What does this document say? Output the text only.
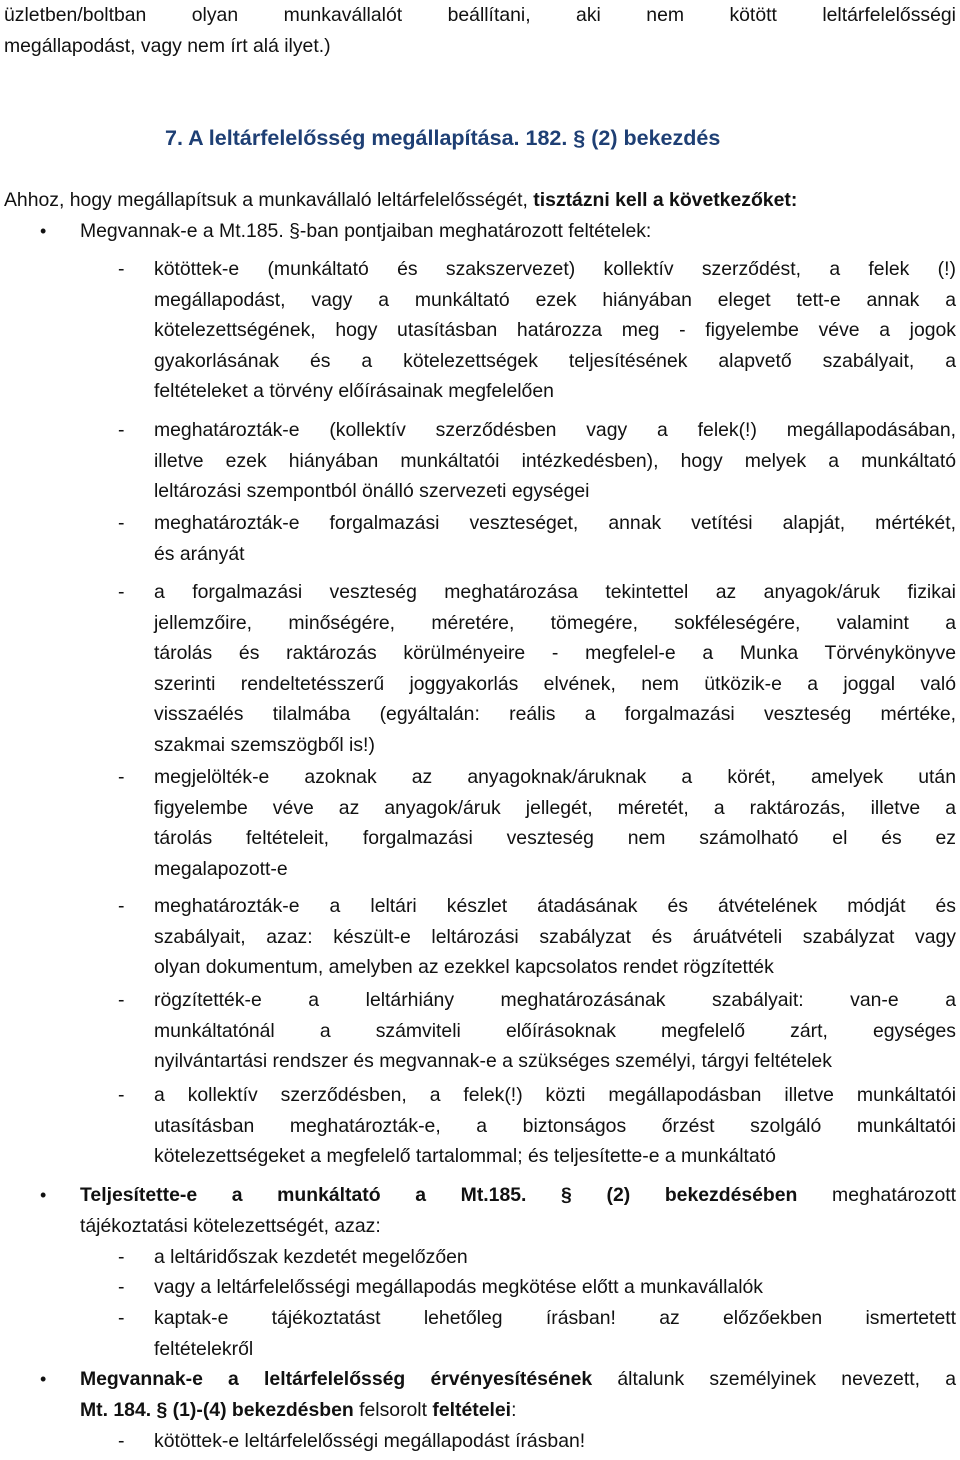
üzletben/boltban olyan munkavállalót beállítani, aki nem kötött leltárfelelősségi

megállapodást, vagy nem írt alá ilyet.)

7. A leltárfelelősség megállapítása. 182. § (2) bekezdés

Ahhoz, hogy megállapítsuk a munkavállaló leltárfelelősségét, tisztázni kell a következőket:

•	Megvannak-e a Mt.185. §-ban pontjaiban meghatározott feltételek:

-	kötöttek-e (munkáltató és szakszervezet) kollektív szerződést, a felek (!)

megállapodást, vagy a munkáltató ezek hiányában eleget tett-e annak a

kötelezettségének, hogy utasításban határozza meg - figyelembe véve a jogok

gyakorlásának és a kötelezettségek teljesítésének alapvető szabályait, a

feltételeket a törvény előírásainak megfelelően

-	meghatározták-e (kollektív szerződésben vagy a felek(!) megállapodásában,

illetve ezek hiányában munkáltatói intézkedésben), hogy melyek a munkáltató

leltározási szempontból önálló szervezeti egységei

-	meghatározták-e forgalmazási veszteséget, annak vetítési alapját, mértékét,

és arányát

-	a forgalmazási veszteség meghatározása tekintettel az anyagok/áruk fizikai

jellemzőire, minőségére, méretére, tömegére, sokféleségére, valamint a

tárolás és raktározás körülményeire - megfelel-e a Munka Törvénykönyve

szerinti rendeltetésszerű joggyakorlás elvének, nem ütközik-e a joggal való

visszaélés tilalmába (egyáltalán: reális a forgalmazási veszteség mértéke,

szakmai szemszögből is!)

-	megjelölték-e azoknak az anyagoknak/áruknak a körét, amelyek után

figyelembe véve az anyagok/áruk jellegét, méretét, a raktározás, illetve a

tárolás feltételeit, forgalmazási veszteség nem számolható el és ez

megalapozott-e

-	meghatározták-e a leltári készlet átadásának és átvételének módját és

szabályait, azaz: készült-e leltározási szabályzat és áruátvételi szabályzat vagy

olyan dokumentum, amelyben az ezekkel kapcsolatos rendet rögzítették

-	rögzítették-e a leltárhiány meghatározásának szabályait: van-e a

munkáltatónál a számviteli előírásoknak megfelelő zárt, egységes

nyilvántartási rendszer és megvannak-e a szükséges személyi, tárgyi feltételek

-	a kollektív szerződésben, a felek(!) közti megállapodásban illetve munkáltatói

utasításban meghatározták-e, a biztonságos őrzést szolgáló munkáltatói

kötelezettségeket a megfelelő tartalommal; és teljesítette-e a munkáltató

•	Teljesítette-e a munkáltató a Mt.185. § (2) bekezdésében meghatározott

tájékoztatási kötelezettségét, azaz:

-	a leltáridőszak kezdetét megelőzően

-	vagy a leltárfelelősségi megállapodás megkötése előtt a munkavállalók

-	kaptak-e tájékoztatást lehetőleg írásban! az előzőekben ismertetett

feltételekről

•	Megvannak-e a leltárfelelősség érvényesítésének általunk személyinek nevezett, a

Mt. 184. § (1)-(4) bekezdésben felsorolt feltételei:

-	kötöttek-e leltárfelelősségi megállapodást írásban!
